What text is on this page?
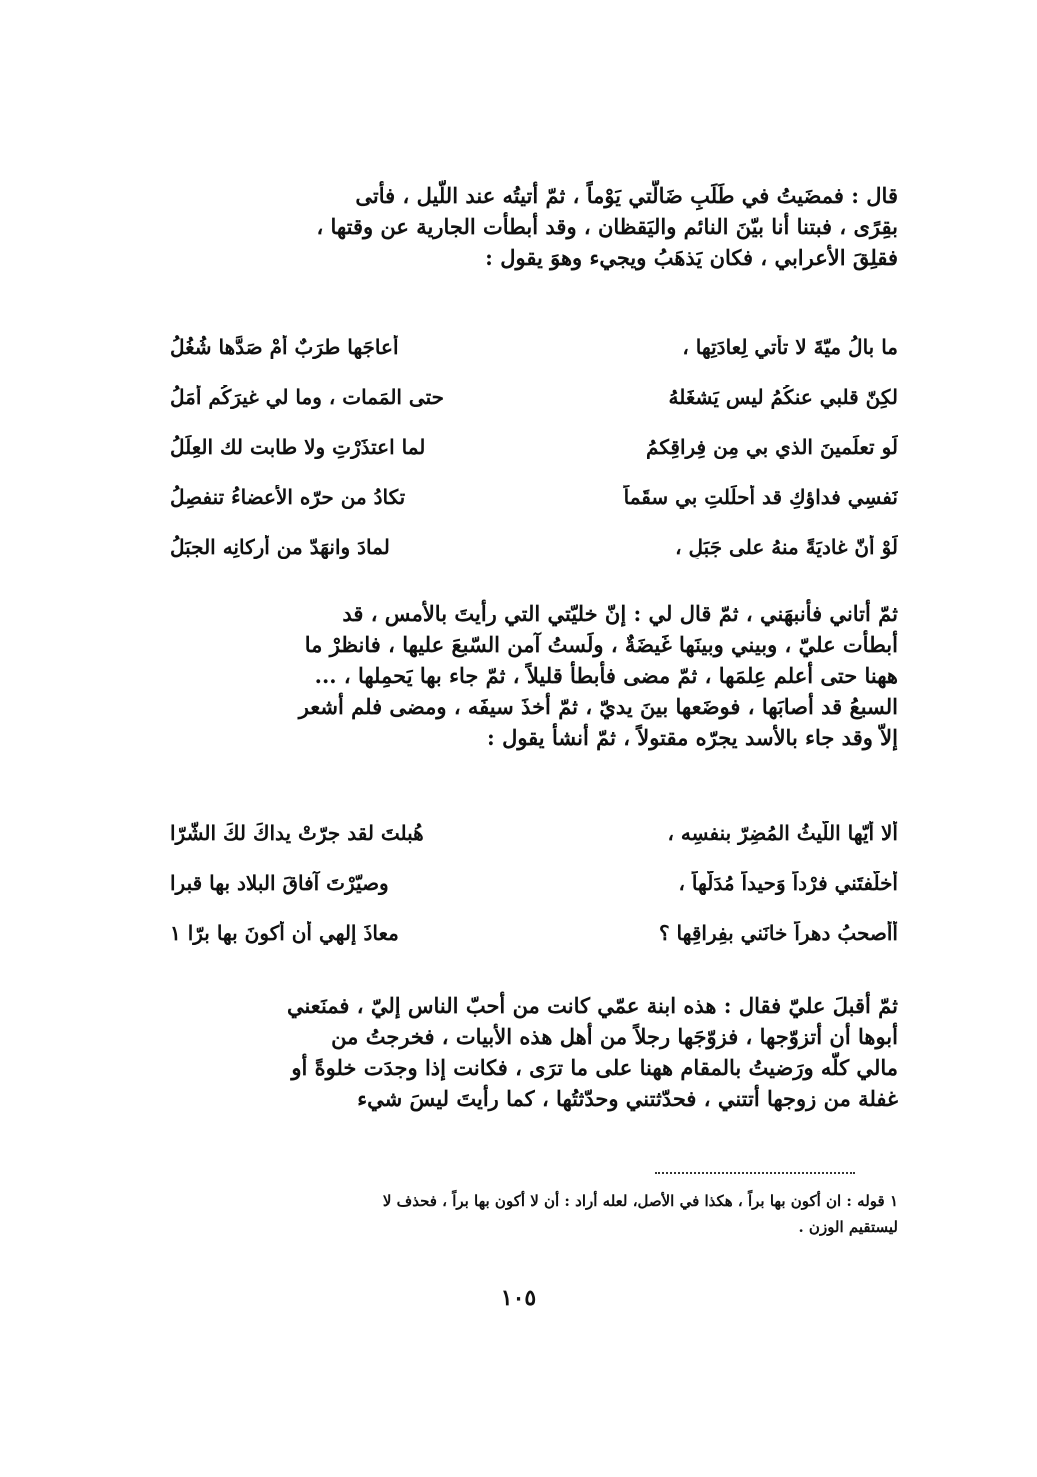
قال : فمضَيتُ في طَلَبِ ضَالَّتي يَوْماً ، ثمّ أتيتُه عند اللّيل ، فأتى
بقِرًى ، فبتنا أنا بيّنَ النائم واليَقظان ، وقد أبطأت الجارية عن وقتها ،
فقلِقَ الأعرابي ، فكان يَذهَبُ ويجيء وهوَ يقول :
ما بالُ ميّةَ لا تأتي لِعادَتِها ،
أعاجَها طرَبٌ أمْ صَدَّها شُغُلُ
لكِنّ قلبي عنكُمُ ليس يَشغَلهُ
حتى المَمات ، وما لي غيرَكُم أمَلُ
لَو تعلَمينَ الذي بي مِن فِراقِكمُ
لما اعتذَرْتِ ولا طابت لك العِلَلُ
نَفسِي فداؤكِ قد أحلَلتِ بي سقَماً
تكادُ من حرّه الأعضاءُ تنفصِلُ
لَوْ أنّ غاديَةً منهُ على جَبَلٍ ،
لمادَ وانهَدّ من أركانِه الجبَلُ
ثمّ أتاني فأنبهَني ، ثمّ قال لي : إنّ خليّتي التي رأيتَ بالأمس ، قد
أبطأت عليّ ، وبيني وبينَها غَيضَةٌ ، ولَستُ آمن السّبعَ عليها ، فانظرْ ما
ههنا حتى أعلم عِلمَها ، ثمّ مضى فأبطأ قليلاً ، ثمّ جاء بها يَحمِلها ، ...
السبعُ قد أصابَها ، فوضَعها بينَ يديّ ، ثمّ أخذَ سيفَه ، ومضى فلم أشعر
إلاّ وقد جاء بالأسد يجرّه مقتولاً ، ثمّ أنشأ يقول :
ألا أيّها اللّيثُ المُضِرّ بنفسِه ،
هُبلتَ لقد جرّتْ يداكَ لكَ الشّرّا
أخلّفتَني فرْداً وَحيداً مُدَلَّهاً ،
وصيّرْتَ آفاقَ البلاد بها قبرا
أأصحبُ دهراً خانَني بفِراقِها ؟
معاذَ إلهي أن أكونَ بها برّا ١
ثمّ أقبلَ عليّ فقال : هذه ابنة عمّي كانت من أحبّ الناس إليّ ، فمنَعني
أبوها أن أتزوّجها ، فزوّجَها رجلاً من أهل هذه الأبيات ، فخرجتُ من
مالي كلّه ورَضيتُ بالمقام ههنا على ما ترَى ، فكانت إذا وجدَت خلوةً أو
غفلة من زوجها أتتني ، فحدّثتني وحدّثتُها ، كما رأيتَ ليسَ شيء
١ قوله : ان أكون بها براً ، هكذا في الأصل، لعله أراد : أن لا أكون بها براً ، فحذف لا
ليستقيم الوزن .
١٠٥
